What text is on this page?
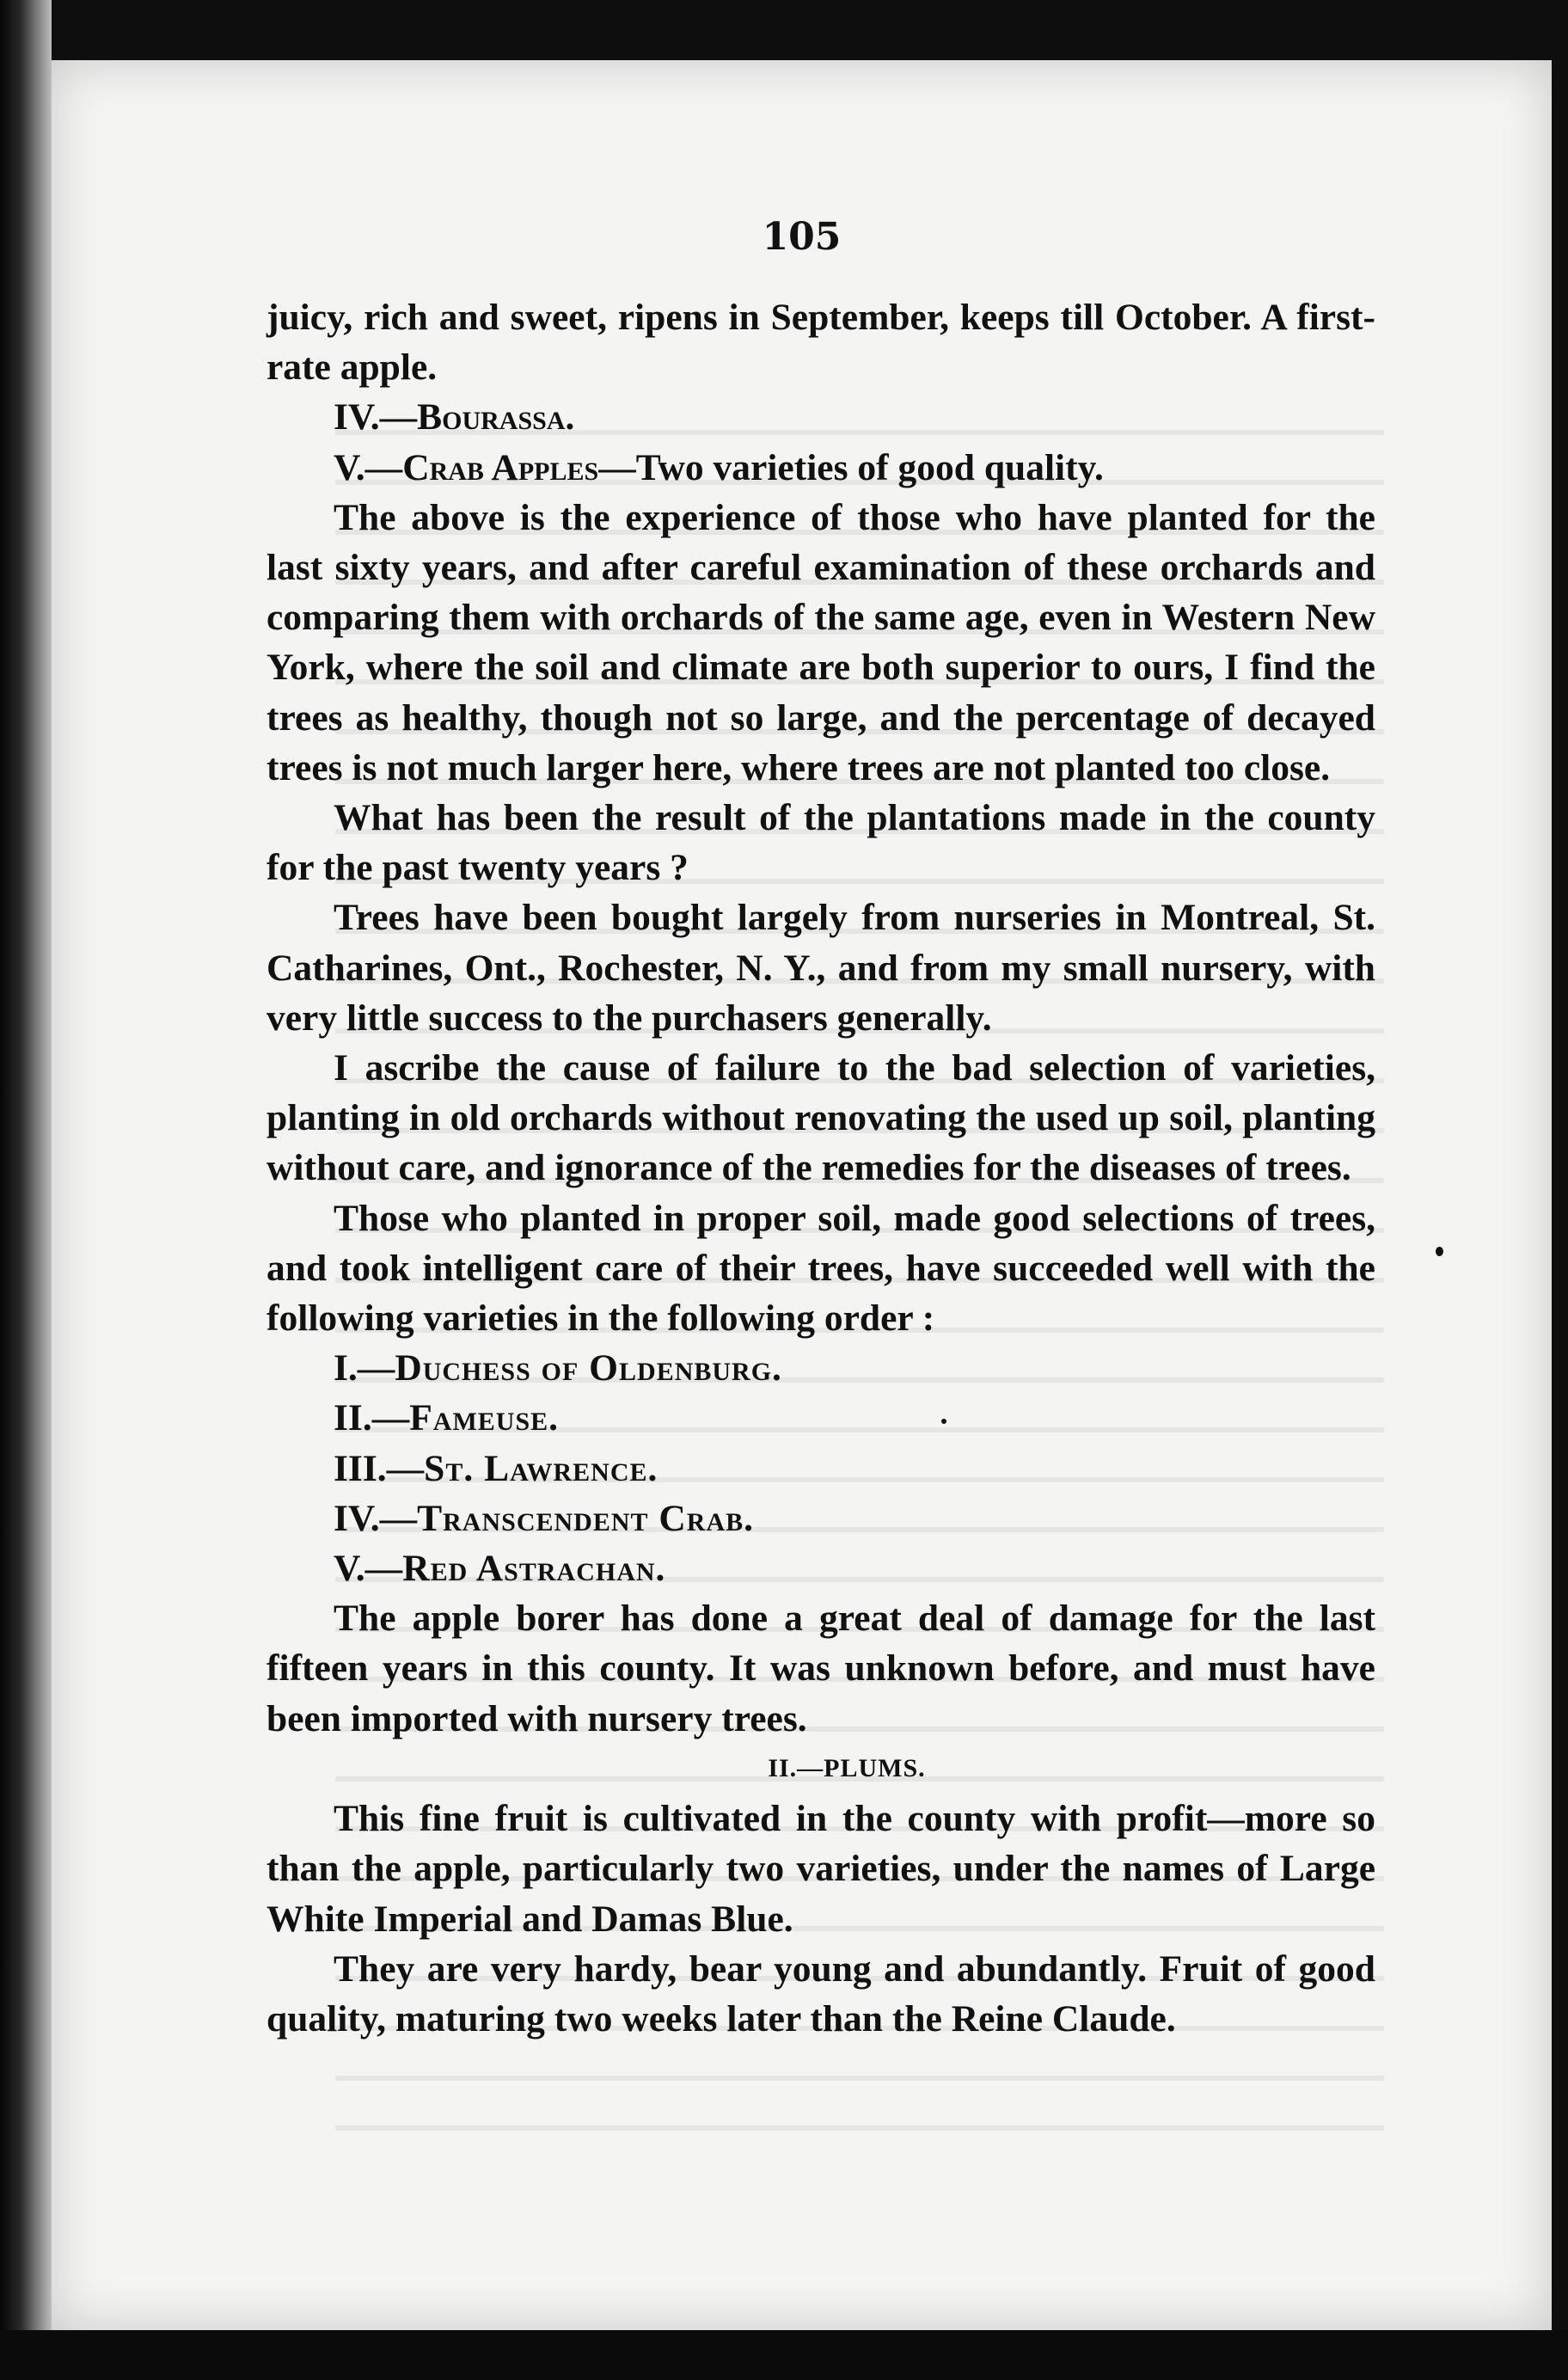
105

juicy, rich and sweet, ripens in September, keeps till October. A first-rate apple.

IV.—Bourassa.

V.—Crab Apples—Two varieties of good quality.

The above is the experience of those who have planted for the last sixty years, and after careful examination of these orchards and comparing them with orchards of the same age, even in Western New York, where the soil and climate are both superior to ours, I find the trees as healthy, though not so large, and the percentage of decayed trees is not much larger here, where trees are not planted too close.

What has been the result of the plantations made in the county for the past twenty years ?

Trees have been bought largely from nurseries in Montreal, St. Catharines, Ont., Rochester, N. Y., and from my small nursery, with very little success to the purchasers generally.

I ascribe the cause of failure to the bad selection of varieties, planting in old orchards without renovating the used up soil, planting without care, and ignorance of the remedies for the diseases of trees.

Those who planted in proper soil, made good selections of trees, and took intelligent care of their trees, have succeeded well with the following varieties in the following order :

I.—Duchess of Oldenburg.

II.—Fameuse.

III.—St. Lawrence.

IV.—Transcendent Crab.

V.—Red Astrachan.

The apple borer has done a great deal of damage for the last fifteen years in this county. It was unknown before, and must have been imported with nursery trees.

II.—PLUMS.

This fine fruit is cultivated in the county with profit—more so than the apple, particularly two varieties, under the names of Large White Imperial and Damas Blue.

They are very hardy, bear young and abundantly. Fruit of good quality, maturing two weeks later than the Reine Claude.
